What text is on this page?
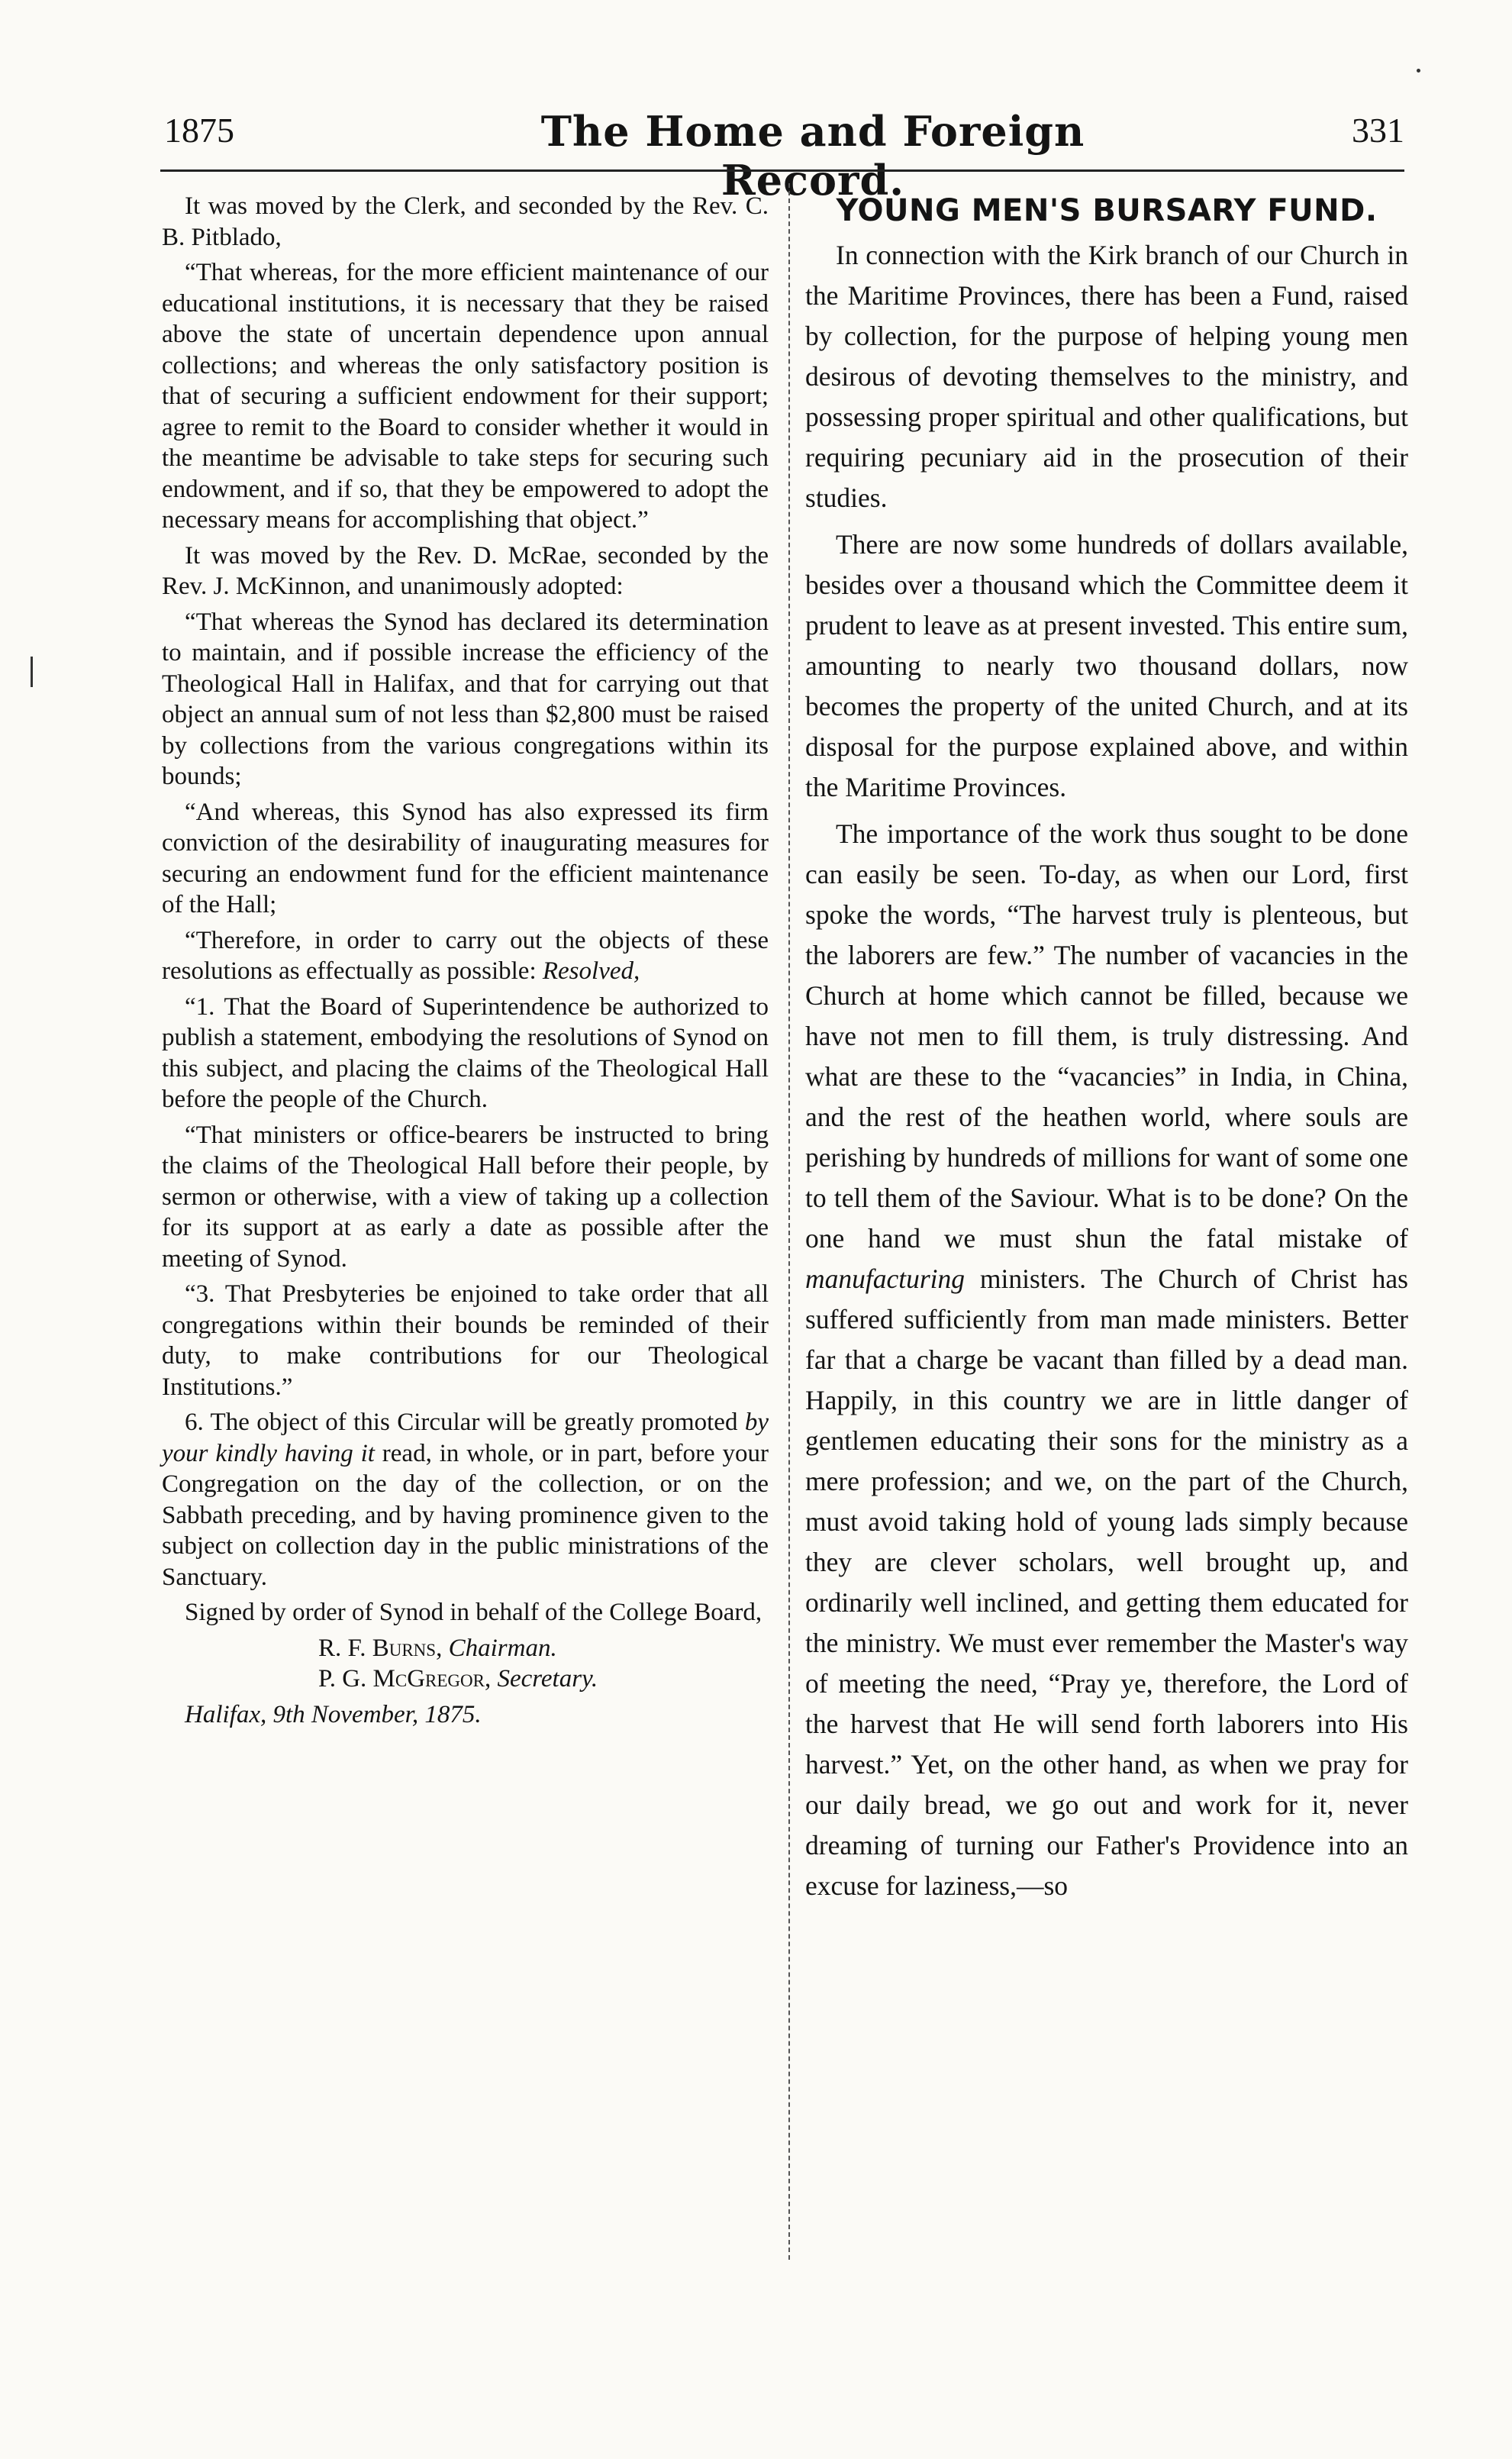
1875	The Home and Foreign Record.
331

It was moved by the Clerk, and seconded by the Rev. C. B. Pitblado,

“That whereas, for the more efficient maintenance of our educational institutions, it is necessary that they be raised above the state of uncertain dependence upon annual collections; and whereas the only satisfactory position is that of securing a sufficient endowment for their support; agree to remit to the Board to consider whether it would in the meantime be advisable to take steps for securing such endowment, and if so, that they be empowered to adopt the necessary means for accomplishing that object.”

It was moved by the Rev. D. McRae, seconded by the Rev. J. McKinnon, and unanimously adopted:

“That whereas the Synod has declared its determination to maintain, and if possible increase the efficiency of the Theological Hall in Halifax, and that for carrying out that object an annual sum of not less than $2,800 must be raised by collections from the various congregations within its bounds;

“And whereas, this Synod has also expressed its firm conviction of the desirability of inaugurating measures for securing an endowment fund for the efficient maintenance of the Hall;

“Therefore, in order to carry out the objects of these resolutions as effectually as possible: Resolved,

“1. That the Board of Superintendence be authorized to publish a statement, embodying the resolutions of Synod on this subject, and placing the claims of the Theological Hall before the people of the Church.

“That ministers or office-bearers be instructed to bring the claims of the Theological Hall before their people, by sermon or otherwise, with a view of taking up a collection for its support at as early a date as possible after the meeting of Synod.

“3. That Presbyteries be enjoined to take order that all congregations within their bounds be reminded of their duty, to make contributions for our Theological Institutions.”

6. The object of this Circular will be greatly promoted by your kindly having it read, in whole, or in part, before your Congregation on the day of the collection, or on the Sabbath preceding, and by having prominence given to the subject on collection day in the public ministrations of the Sanctuary.

Signed by order of Synod in behalf of the College Board,

R. F. Burns, Chairman.
P. G. McGregor, Secretary.

Halifax, 9th November, 1875.

YOUNG MEN'S BURSARY FUND.

In connection with the Kirk branch of our Church in the Maritime Provinces, there has been a Fund, raised by collection, for the purpose of helping young men desirous of devoting themselves to the ministry, and possessing proper spiritual and other qualifications, but requiring pecuniary aid in the prosecution of their studies.

There are now some hundreds of dollars available, besides over a thousand which the Committee deem it prudent to leave as at present invested. This entire sum, amounting to nearly two thousand dollars, now becomes the property of the united Church, and at its disposal for the purpose explained above, and within the Maritime Provinces.

The importance of the work thus sought to be done can easily be seen. To-day, as when our Lord, first spoke the words, “The harvest truly is plenteous, but the laborers are few.” The number of vacancies in the Church at home which cannot be filled, because we have not men to fill them, is truly distressing. And what are these to the “vacancies” in India, in China, and the rest of the heathen world, where souls are perishing by hundreds of millions for want of some one to tell them of the Saviour. What is to be done? On the one hand we must shun the fatal mistake of manufacturing ministers. The Church of Christ has suffered sufficiently from man made ministers. Better far that a charge be vacant than filled by a dead man. Happily, in this country we are in little danger of gentlemen educating their sons for the ministry as a mere profession; and we, on the part of the Church, must avoid taking hold of young lads simply because they are clever scholars, well brought up, and ordinarily well inclined, and getting them educated for the ministry. We must ever remember the Master's way of meeting the need, “Pray ye, therefore, the Lord of the harvest that He will send forth laborers into His harvest.” Yet, on the other hand, as when we pray for our daily bread, we go out and work for it, never dreaming of turning our Father's Providence into an excuse for laziness,—so
